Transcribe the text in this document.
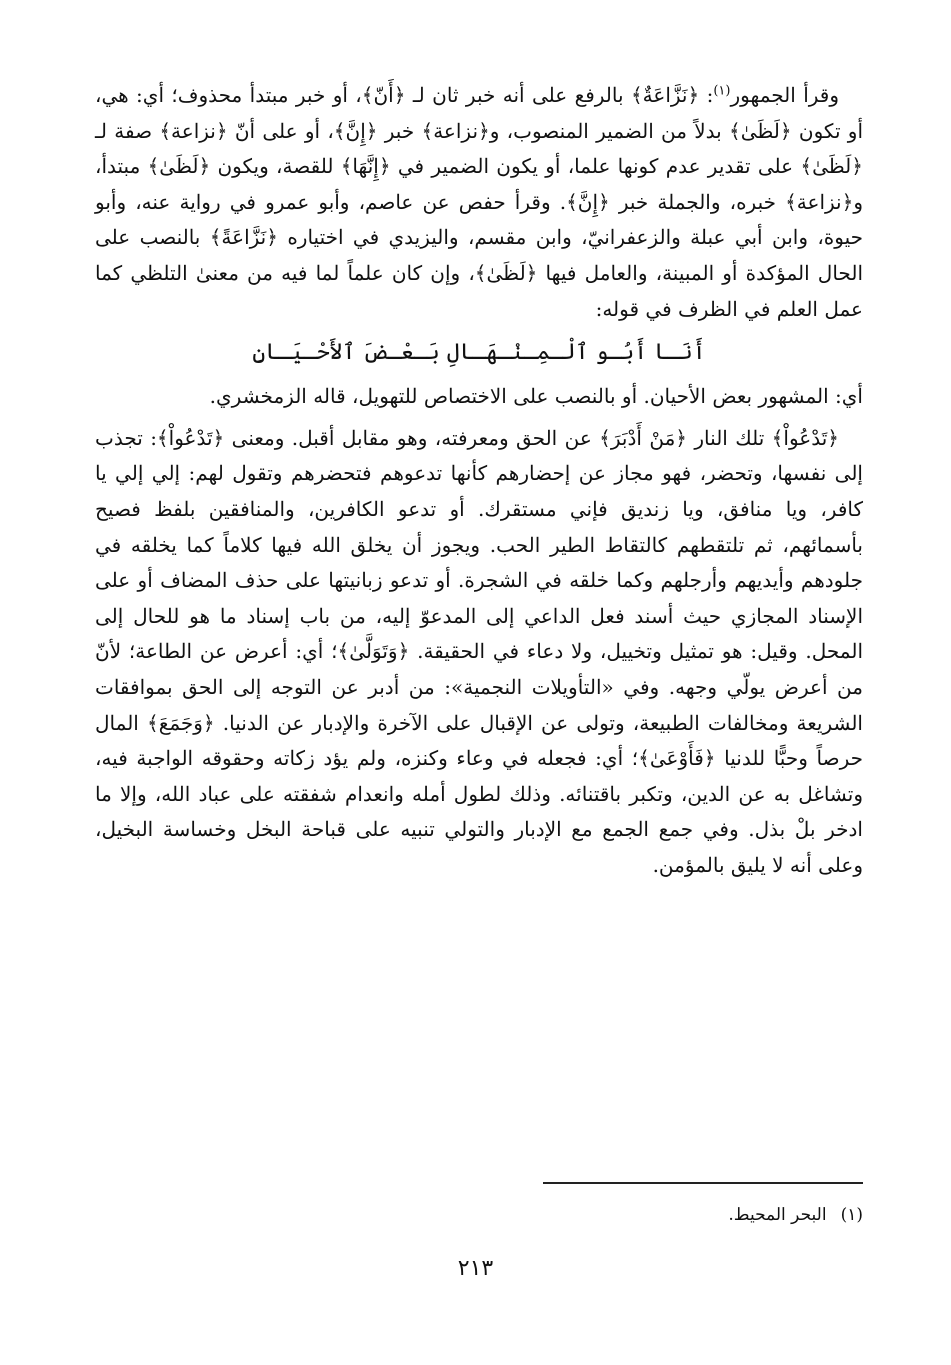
وقرأ الجمهور$^{(١)}$: ﴿نَزَّاعَةٌ﴾ بالرفع على أنه خبر ثان لـ ﴿أَنّ﴾، أو خبر مبتدأ محذوف؛ أي: هي، أو تكون ﴿لَظَىٰ﴾ بدلاً من الضمير المنصوب، و﴿نزاعة﴾ خبر ﴿إِنَّ﴾، أو على أنّ ﴿نزاعة﴾ صفة لـ ﴿لَظَىٰ﴾ على تقدير عدم كونها علما، أو يكون الضمير في ﴿إِنَّهَا﴾ للقصة، ويكون ﴿لَظَىٰ﴾ مبتدأ، و﴿نزاعة﴾ خبره، والجملة خبر ﴿إِنَّ﴾. وقرأ حفص عن عاصم، وأبو عمرو في رواية عنه، وأبو حيوة، وابن أبي عبلة والزعفرانيّ، وابن مقسم، واليزيدي في اختياره ﴿نَزَّاعَةً﴾ بالنصب على الحال المؤكدة أو المبينة، والعامل فيها ﴿لَظَىٰ﴾، وإن كان علماً لما فيه من معنىٰ التلظي كما عمل العلم في الظرف في قوله:

أَنَـا أَبُـو ٱلْـمِـنْـهَـالِ بَـعْـضَ ٱلأَحْـيَـانِ

أي: المشهور بعض الأحيان. أو بالنصب على الاختصاص للتهويل، قاله الزمخشري.

﴿تَدْعُواْ﴾ تلك النار ﴿مَنْ أَدْبَرَ﴾ عن الحق ومعرفته، وهو مقابل أقبل. ومعنى ﴿تَدْعُواْ﴾: تجذب إلى نفسها، وتحضر، فهو مجاز عن إحضارهم كأنها تدعوهم فتحضرهم وتقول لهم: إلي إلي يا كافر، ويا منافق، ويا زنديق فإني مستقرك. أو تدعو الكافرين، والمنافقين بلفظ فصيح بأسمائهم، ثم تلتقطهم كالتقاط الطير الحب. ويجوز أن يخلق الله فيها كلاماً كما يخلقه في جلودهم وأيديهم وأرجلهم وكما خلقه في الشجرة. أو تدعو زبانيتها على حذف المضاف أو على الإسناد المجازي حيث أسند فعل الداعي إلى المدعوّ إليه، من باب إسناد ما هو للحال إلى المحل. وقيل: هو تمثيل وتخييل، ولا دعاء في الحقيقة. ﴿وَتَوَلَّىٰ﴾؛ أي: أعرض عن الطاعة؛ لأنّ من أعرض يولّي وجهه. وفي «التأويلات النجمية»: من أدبر عن التوجه إلى الحق بموافقات الشريعة ومخالفات الطبيعة، وتولى عن الإقبال على الآخرة والإدبار عن الدنيا. ﴿وَجَمَعَ﴾ المال حرصاً وحبًّا للدنيا ﴿فَأَوْعَىٰ﴾؛ أي: فجعله في وعاء وكنزه، ولم يؤد زكاته وحقوقه الواجبة فيه، وتشاغل به عن الدين، وتكبر باقتنائه. وذلك لطول أمله وانعدام شفقته على عباد الله، وإلا ما ادخر بلْ بذل. وفي جمع الجمع مع الإدبار والتولي تنبيه على قباحة البخل وخساسة البخيل، وعلى أنه لا يليق بالمؤمن.

(١)البحر المحيط.
٢١٣
